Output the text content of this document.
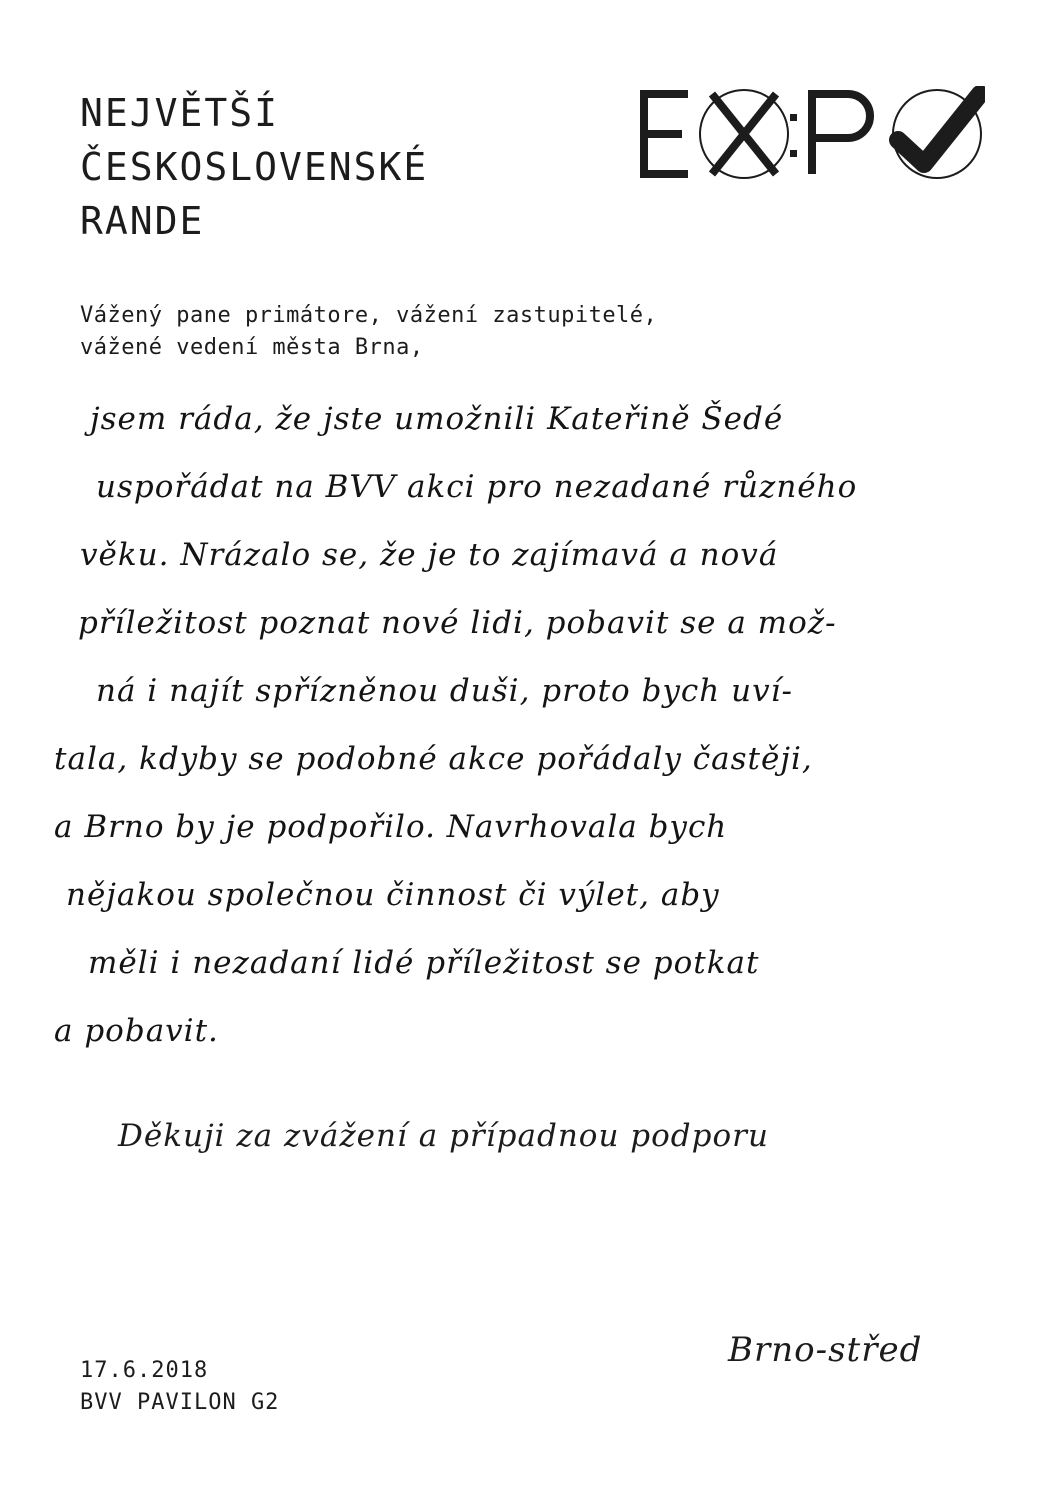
NEJVĚTŠÍ
ČESKOSLOVENSKÉ
RANDE
Vážený pane primátore, vážení zastupitelé,
vážené vedení města Brna,
jsem ráda, že jste umožnili Kateřině Šedé
uspořádat na BVV akci pro nezadané různého
věku. Nrázalo se, že je to zajímavá a nová
příležitost poznat nové lidi, pobavit se a mož-
ná i najít spřízněnou duši, proto bych uví-
tala, kdyby se podobné akce pořádaly častěji,
a Brno by je podpořilo. Navrhovala bych
nějakou společnou činnost či výlet, aby
měli i nezadaní lidé příležitost se potkat
a pobavit.
Děkuji za zvážení a případnou podporu
Brno-střed
17.6.2018
BVV PAVILON G2
